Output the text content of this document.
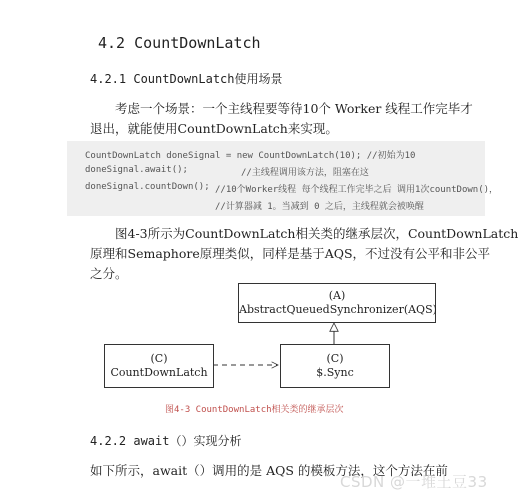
4.2 CountDownLatch
4.2.1 CountDownLatch使用场景
考虑一个场景：一个主线程要等待10个 Worker 线程工作完毕才
退出，就能使用CountDownLatch来实现。
CountDownLatch doneSignal = new CountDownLatch(10); //初始为10
doneSignal.await();	//主线程调用该方法，阻塞在这
doneSignal.countDown(); //10个Worker线程 每个线程工作完毕之后 调用1次countDown()，
//计算器减 1。当减到 0 之后，主线程就会被唤醒
图4-3所示为CountDownLatch相关类的继承层次，CountDownLatch
原理和Semaphore原理类似，同样是基于AQS，不过没有公平和非公平
之分。
(A)
AbstractQueuedSynchronizer(AQS)
(C)
CountDownLatch
(C)
$.Sync
图4-3 CountDownLatch相关类的继承层次
4.2.2 await（）实现分析
如下所示，await（）调用的是 AQS 的模板方法，这个方法在前
CSDN @一堆土豆33
